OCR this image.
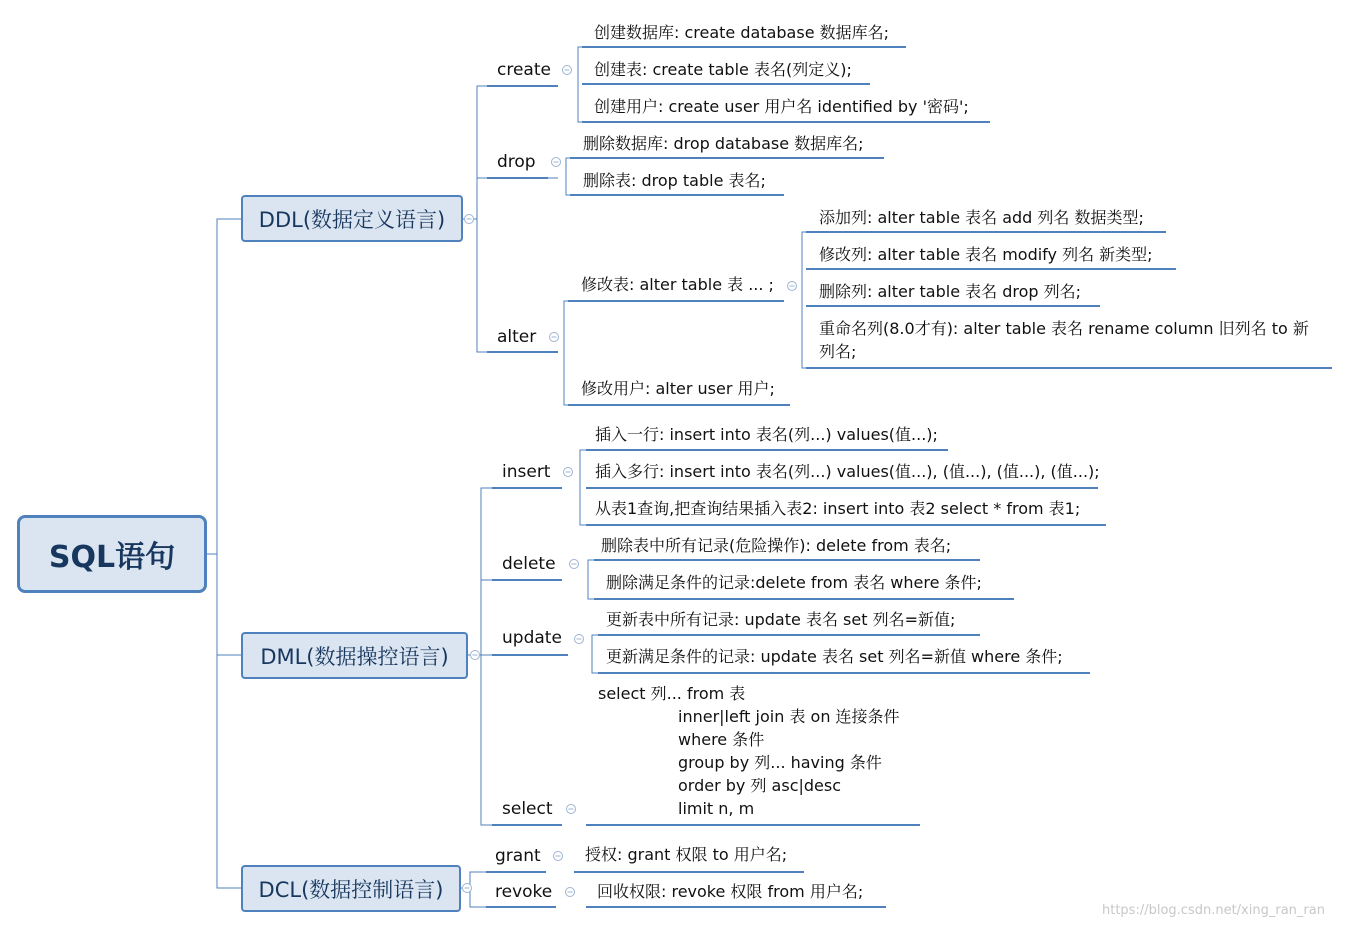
SQL语句
DDL(数据定义语言)
DML(数据操控语言)
DCL(数据控制语言)
create
创建数据库: create database 数据库名;
创建表: create table 表名(列定义);
创建用户: create user 用户名 identified by '密码';
drop
删除数据库: drop database 数据库名;
删除表: drop table 表名;
alter
修改表: alter table 表 ... ;
添加列: alter table 表名 add 列名 数据类型;
修改列: alter table 表名 modify 列名 新类型;
删除列: alter table 表名 drop 列名;
重命名列(8.0才有): alter table 表名 rename column 旧列名 to 新
列名;
修改用户: alter user 用户;
insert
插入一行: insert into 表名(列...) values(值...);
插入多行: insert into 表名(列...) values(值...), (值...), (值...), (值...);
从表1查询,把查询结果插入表2: insert into 表2 select * from 表1;
delete
删除表中所有记录(危险操作): delete from 表名;
删除满足条件的记录:delete from 表名 where 条件;
update
更新表中所有记录: update 表名 set 列名=新值;
更新满足条件的记录: update 表名 set 列名=新值 where 条件;
select
select 列... from 表
inner|left join 表 on 连接条件
where 条件
group by 列... having 条件
order by 列 asc|desc
limit n, m
grant	授权: grant 权限 to 用户名;
revoke	回收权限: revoke 权限 from 用户名;
https://blog.csdn.net/xing_ran_ran
